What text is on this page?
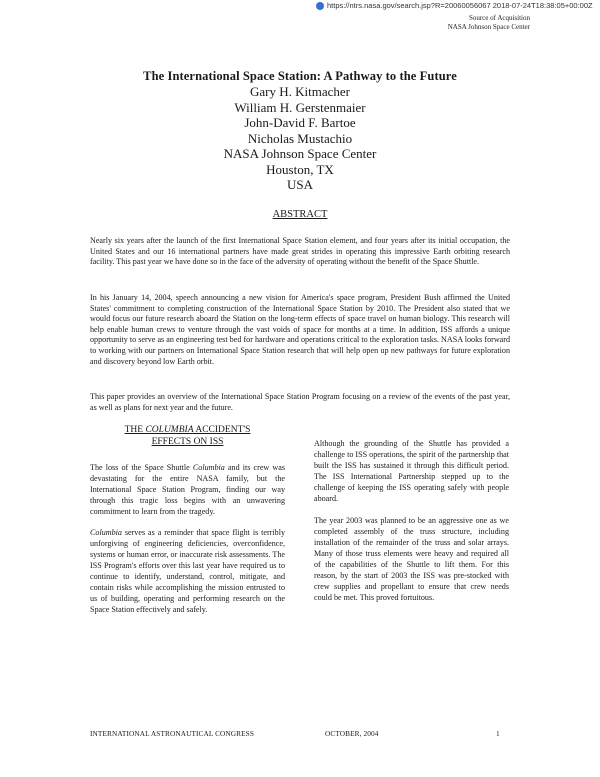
https://ntrs.nasa.gov/search.jsp?R=20060056067 2018-07-24T18:38:05+00:00Z
Source of Acquisition
NASA Johnson Space Center
The International Space Station: A Pathway to the Future
Gary H. Kitmacher
William H. Gerstenmaier
John-David F. Bartoe
Nicholas Mustachio
NASA Johnson Space Center
Houston, TX
USA
ABSTRACT
Nearly six years after the launch of the first International Space Station element, and four years after its initial occupation, the United States and our 16 international partners have made great strides in operating this impressive Earth orbiting research facility. This past year we have done so in the face of the adversity of operating without the benefit of the Space Shuttle.
In his January 14, 2004, speech announcing a new vision for America's space program, President Bush affirmed the United States' commitment to completing construction of the International Space Station by 2010. The President also stated that we would focus our future research aboard the Station on the long-term effects of space travel on human biology. This research will help enable human crews to venture through the vast voids of space for months at a time. In addition, ISS affords a unique opportunity to serve as an engineering test bed for hardware and operations critical to the exploration tasks. NASA looks forward to working with our partners on International Space Station research that will help open up new pathways for future exploration and discovery beyond low Earth orbit.
This paper provides an overview of the International Space Station Program focusing on a review of the events of the past year, as well as plans for next year and the future.
THE COLUMBIA ACCIDENT'S
EFFECTS ON ISS

The loss of the Space Shuttle Columbia and its crew was devastating for the entire NASA family, but the International Space Station Program, finding our way through this tragic loss begins with an unwavering commitment to learn from the tragedy.

Columbia serves as a reminder that space flight is terribly unforgiving of engineering deficiencies, overconfidence, systems or human error, or inaccurate risk assessments. The ISS Program's efforts over this last year have required us to continue to identify, understand, control, mitigate, and contain risks while accomplishing the mission entrusted to us of building, operating and performing research on the Space Station effectively and safely.

Although the grounding of the Shuttle has provided a challenge to ISS operations, the spirit of the partnership that built the ISS has sustained it through this difficult period. The ISS International Partnership stepped up to the challenge of keeping the ISS operating safely with people aboard.

The year 2003 was planned to be an aggressive one as we completed assembly of the truss structure, including installation of the remainder of the truss and solar arrays. Many of those truss elements were heavy and required all of the capabilities of the Shuttle to lift them. For this reason, by the start of 2003 the ISS was pre-stocked with crew supplies and propellant to ensure that crew needs could be met. This proved fortuitous.

INTERNATIONAL ASTRONAUTICAL CONGRESS	OCTOBER, 2004	1
